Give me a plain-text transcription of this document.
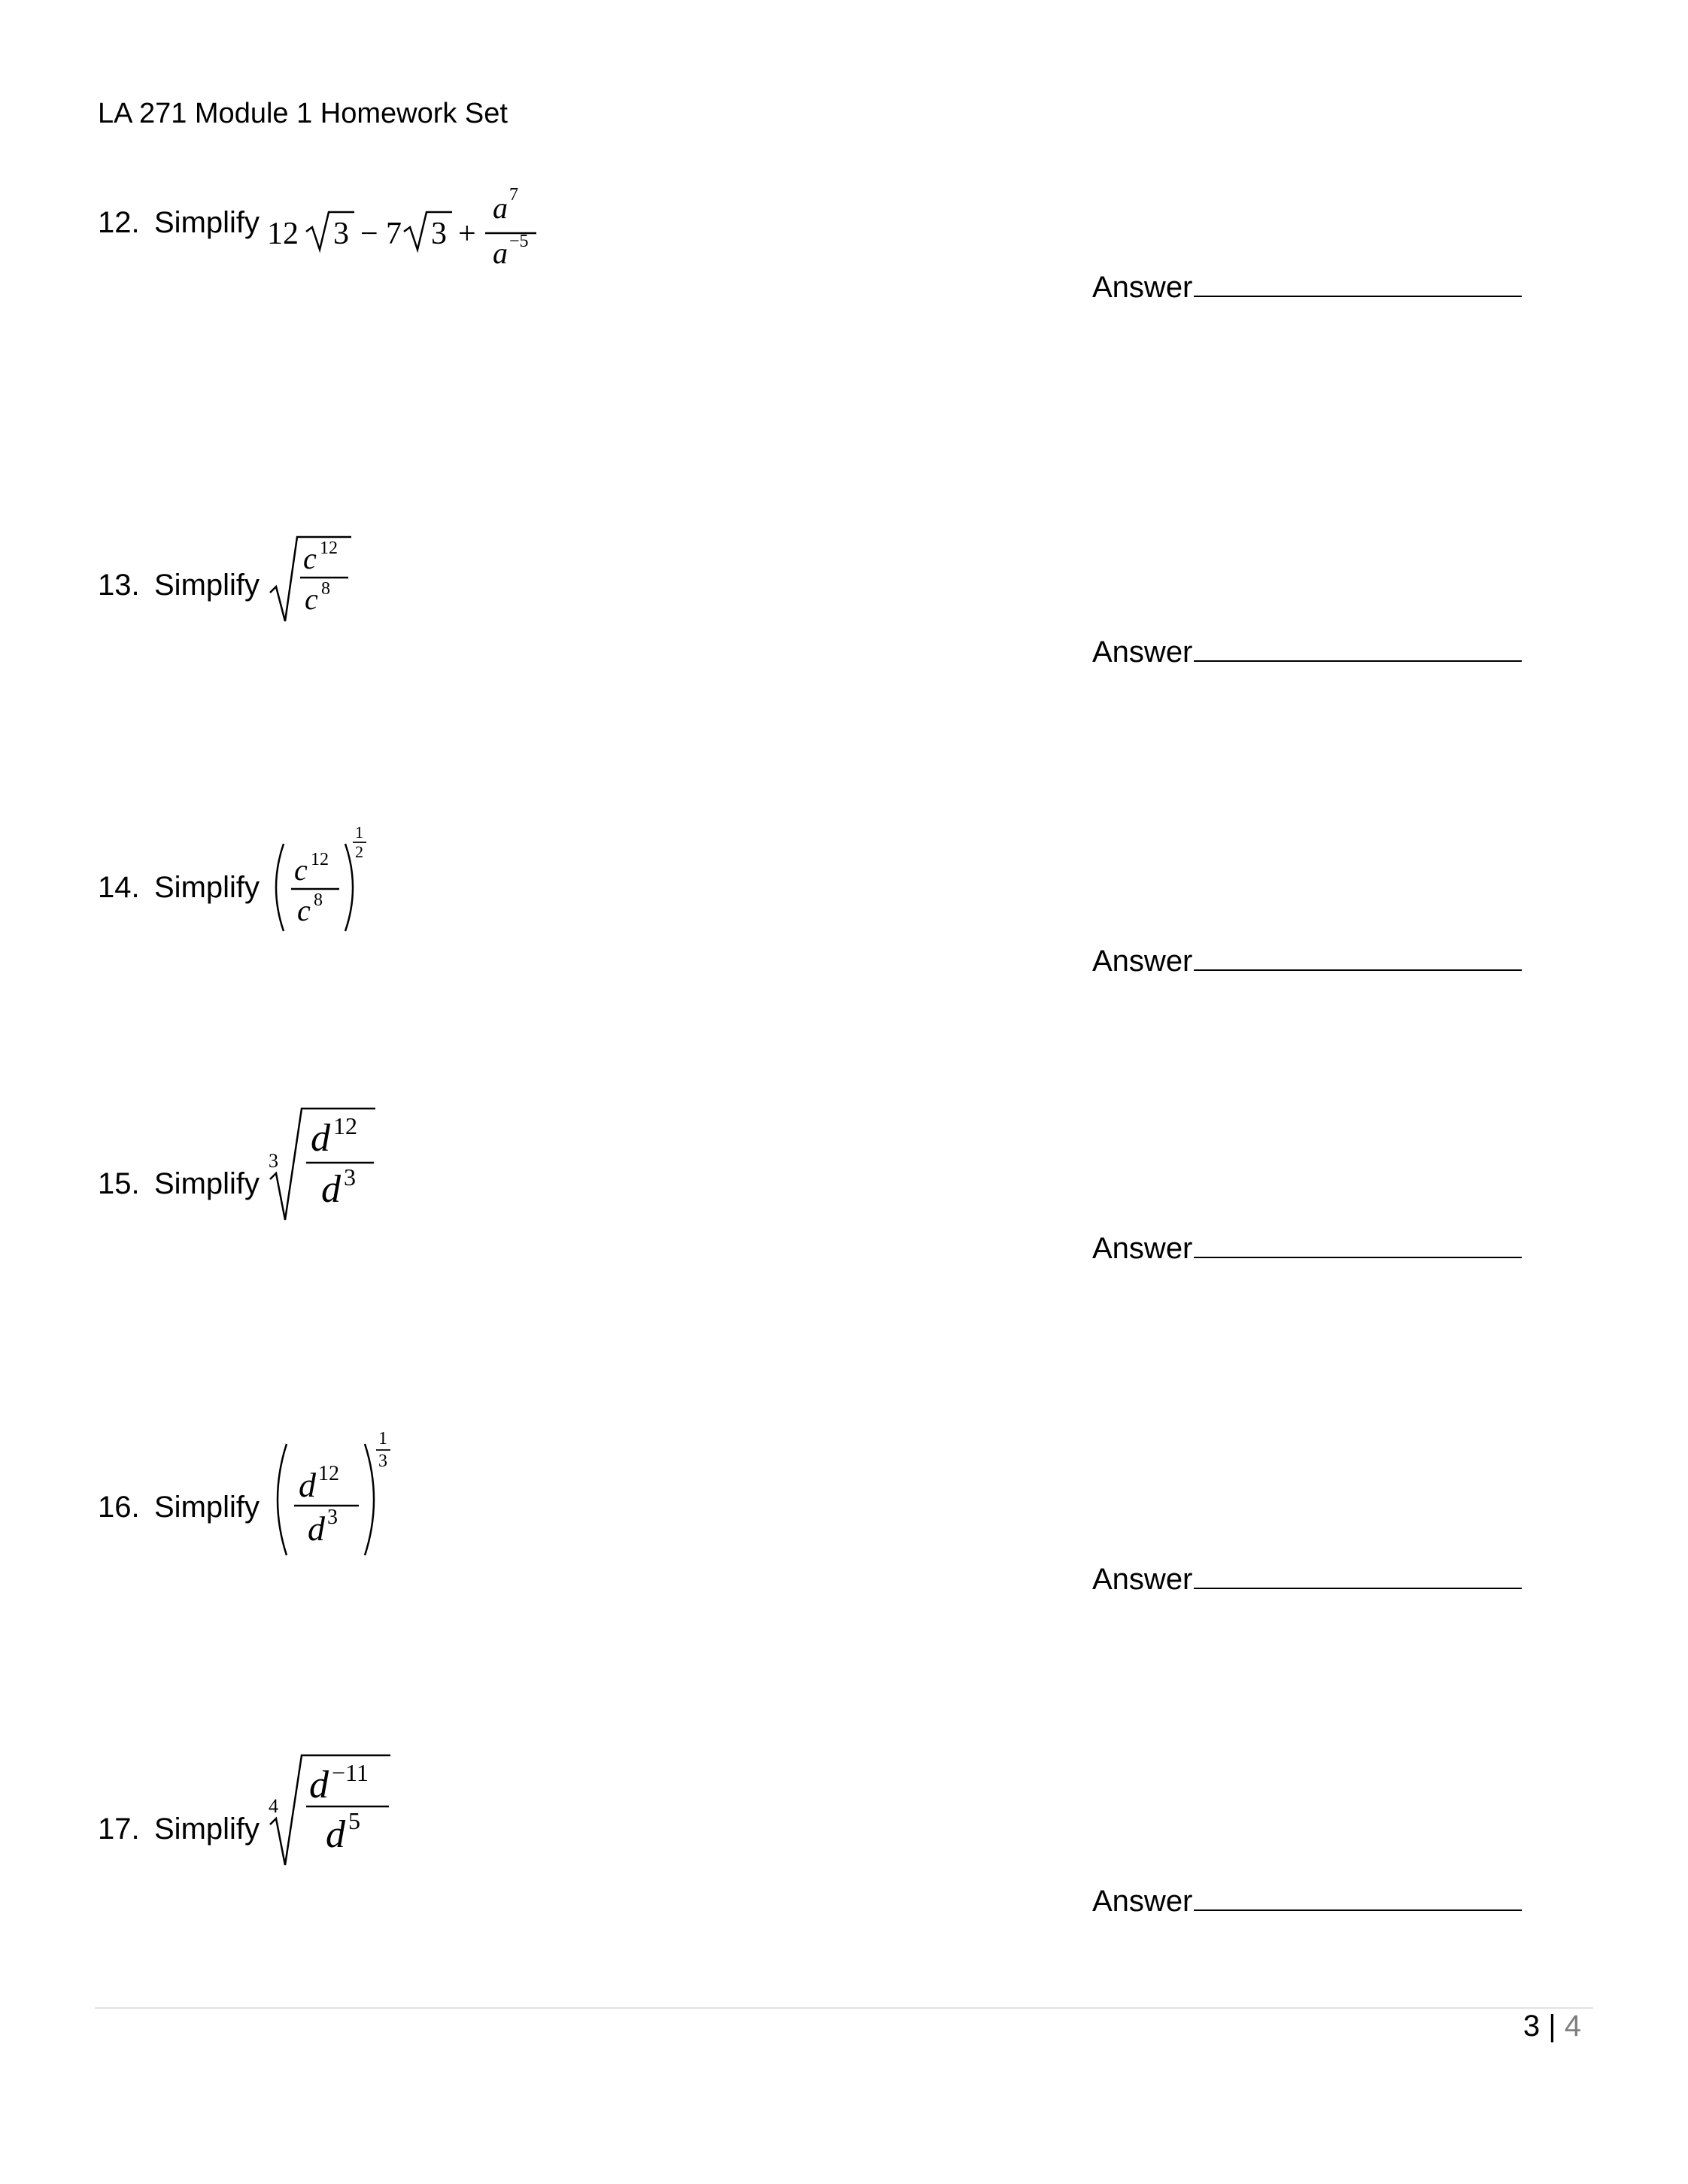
LA 271 Module 1 Homework Set
12. Simplify 12 3 − 7 3 +
a 7
a −5
Answer
13. Simplify
c 12
c 8
Answer
14. Simplify
c 12
c 8
1
2
Answer
15. Simplify
3
d 12
d 3
Answer
16. Simplify
d 12
d 3
1
3
Answer
17. Simplify
4 d −11
d 5
Answer
3 | 4
